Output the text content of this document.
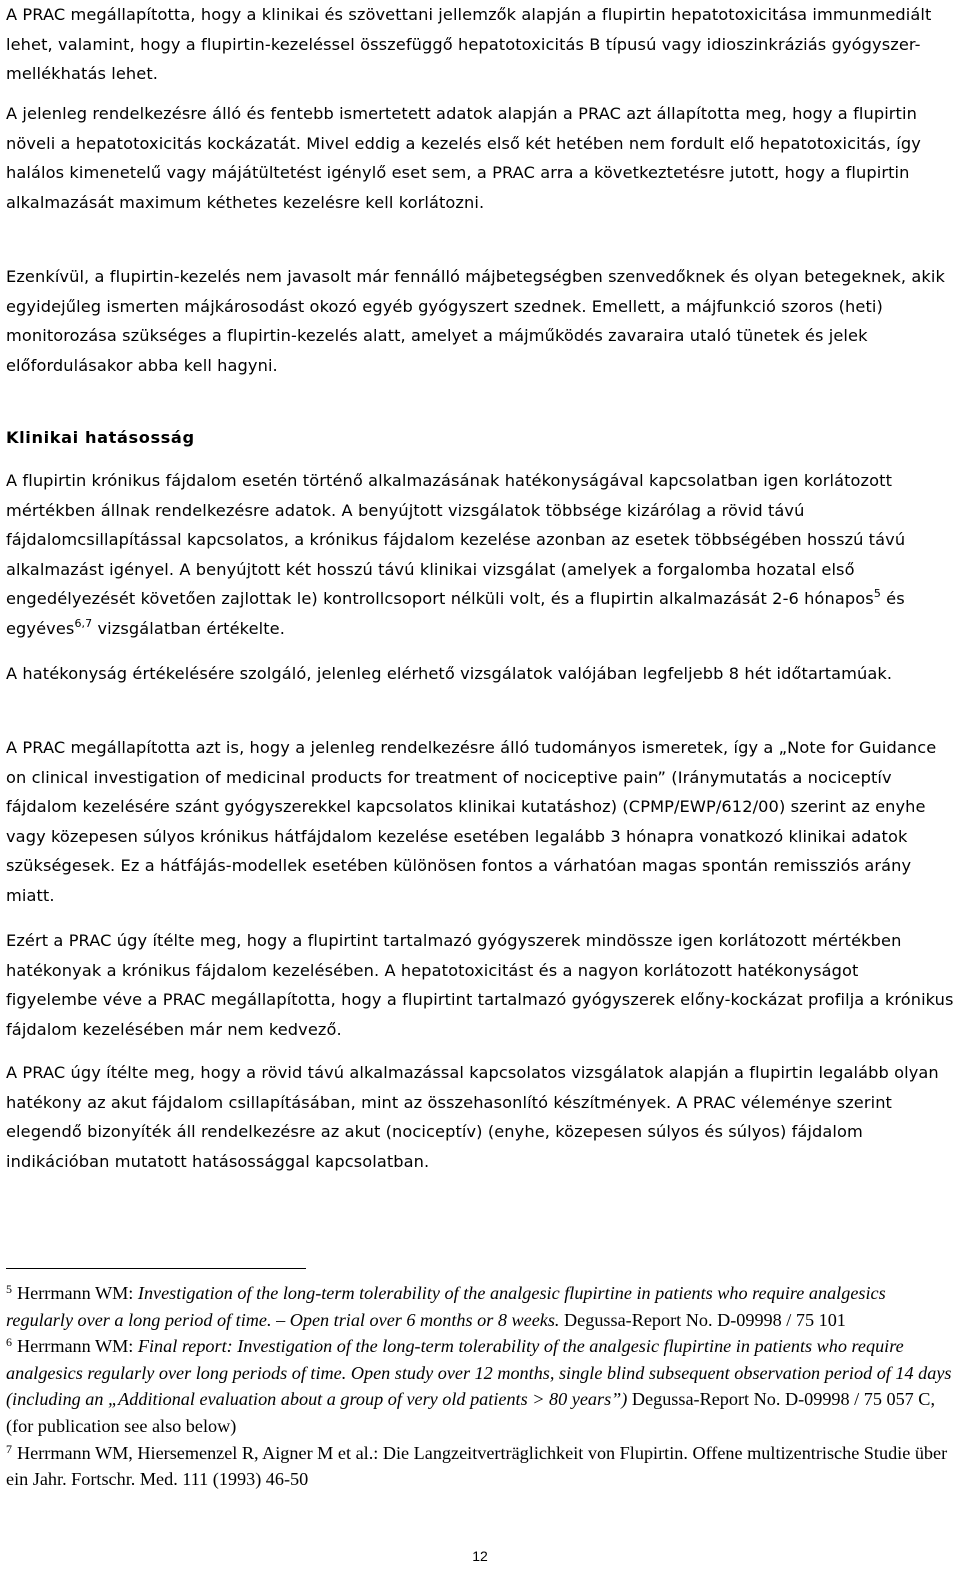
A PRAC megállapította, hogy a klinikai és szövettani jellemzők alapján a flupirtin hepatotoxicitása immunmediált lehet, valamint, hogy a flupirtin-kezeléssel összefüggő hepatotoxicitás B típusú vagy idioszinkráziás gyógyszer-mellékhatás lehet.

A jelenleg rendelkezésre álló és fentebb ismertetett adatok alapján a PRAC azt állapította meg, hogy a flupirtin növeli a hepatotoxicitás kockázatát. Mivel eddig a kezelés első két hetében nem fordult elő hepatotoxicitás, így halálos kimenetelű vagy májátültetést igénylő eset sem, a PRAC arra a következtetésre jutott, hogy a flupirtin alkalmazását maximum kéthetes kezelésre kell korlátozni.

Ezenkívül, a flupirtin-kezelés nem javasolt már fennálló májbetegségben szenvedőknek és olyan betegeknek, akik egyidejűleg ismerten májkárosodást okozó egyéb gyógyszert szednek. Emellett, a májfunkció szoros (heti) monitorozása szükséges a flupirtin-kezelés alatt, amelyet a májműködés zavaraira utaló tünetek és jelek előfordulásakor abba kell hagyni.

Klinikai hatásosság

A flupirtin krónikus fájdalom esetén történő alkalmazásának hatékonyságával kapcsolatban igen korlátozott mértékben állnak rendelkezésre adatok. A benyújtott vizsgálatok többsége kizárólag a rövid távú fájdalomcsillapítással kapcsolatos, a krónikus fájdalom kezelése azonban az esetek többségében hosszú távú alkalmazást igényel. A benyújtott két hosszú távú klinikai vizsgálat (amelyek a forgalomba hozatal első engedélyezését követően zajlottak le) kontrollcsoport nélküli volt, és a flupirtin alkalmazását 2-6 hónapos$^5$ és egyéves$^{6,7}$ vizsgálatban értékelte.

A hatékonyság értékelésére szolgáló, jelenleg elérhető vizsgálatok valójában legfeljebb 8 hét időtartamúak.

A PRAC megállapította azt is, hogy a jelenleg rendelkezésre álló tudományos ismeretek, így a „Note for Guidance on clinical investigation of medicinal products for treatment of nociceptive pain” (Iránymutatás a nociceptív fájdalom kezelésére szánt gyógyszerekkel kapcsolatos klinikai kutatáshoz) (CPMP/EWP/612/00) szerint az enyhe vagy közepesen súlyos krónikus hátfájdalom kezelése esetében legalább 3 hónapra vonatkozó klinikai adatok szükségesek. Ez a hátfájás-modellek esetében különösen fontos a várhatóan magas spontán remissziós arány miatt.

Ezért a PRAC úgy ítélte meg, hogy a flupirtint tartalmazó gyógyszerek mindössze igen korlátozott mértékben hatékonyak a krónikus fájdalom kezelésében. A hepatotoxicitást és a nagyon korlátozott hatékonyságot figyelembe véve a PRAC megállapította, hogy a flupirtint tartalmazó gyógyszerek előny-kockázat profilja a krónikus fájdalom kezelésében már nem kedvező.

A PRAC úgy ítélte meg, hogy a rövid távú alkalmazással kapcsolatos vizsgálatok alapján a flupirtin legalább olyan hatékony az akut fájdalom csillapításában, mint az összehasonlító készítmények. A PRAC véleménye szerint elegendő bizonyíték áll rendelkezésre az akut (nociceptív) (enyhe, közepesen súlyos és súlyos) fájdalom indikációban mutatott hatásossággal kapcsolatban.

$^5$ Herrmann WM: Investigation of the long-term tolerability of the analgesic flupirtine in patients who require analgesics regularly over a long period of time. – Open trial over 6 months or 8 weeks. Degussa-Report No. D-09998 / 75 101

$^6$ Herrmann WM: Final report: Investigation of the long-term tolerability of the analgesic flupirtine in patients who require analgesics regularly over long periods of time. Open study over 12 months, single blind subsequent observation period of 14 days (including an „Additional evaluation about a group of very old patients > 80 years”) Degussa-Report No. D-09998 / 75 057 C, (for publication see also below)

$^7$ Herrmann WM, Hiersemenzel R, Aigner M et al.: Die Langzeitverträglichkeit von Flupirtin. Offene multizentrische Studie über ein Jahr. Fortschr. Med. 111 (1993) 46-50

12
